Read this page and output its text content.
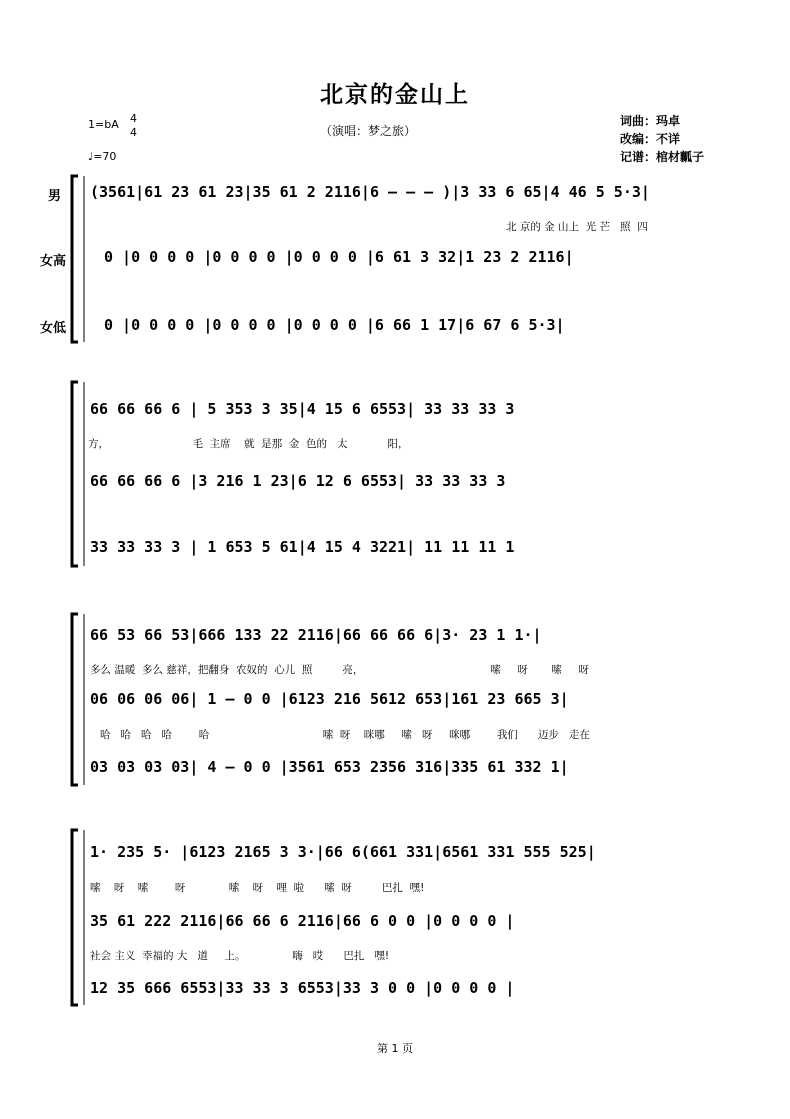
北京的金山上
（演唱：梦之旅）
词曲：玛卓
改编：不详
记谱：棺材瓤子
1=bA 4
4
♩=70
男
女高
女低
(3561|61 23 61 23|35 61 2 2116|6 – – – )|3 33 6 65|4 46 5 5·3|
北 京的 金 山上  光 芒   照  四
0 |0 0 0 0 |0 0 0 0 |0 0 0 0 |6 61 3 32|1 23 2 2116|
0 |0 0 0 0 |0 0 0 0 |0 0 0 0 |6 66 1 17|6 67 6 5·3|
66 66 66 6 | 5 353 3 35|4 15 6 6553| 33 33 33 3
方，                         毛  主席    就  是那  金  色的   太            阳，
66 66 66 6 |3 216 1 23|6 12 6 6553| 33 33 33 3
33 33 33 3 | 1 653 5 61|4 15 4 3221| 11 11 11 1
66 53 66 53|666 133 22 2116|66 66 66 6|3· 23 1 1·|
多么 温暖  多么 慈祥，把翻身  农奴的  心儿  照         亮，                                      嗦     呀       嗦     呀
06 06 06 06| 1 – 0 0 |6123 216 5612 653|161 23 665 3|
哈   哈   哈   哈        哈                                  嗦  呀    咪哪     嗦   呀     咪哪        我们      迈步   走在
03 03 03 03| 4 – 0 0 |3561 653 2356 316|335 61 332 1|
1· 235 5· |6123 2165 3 3·|66 6(661 331|6561 331 555 525|
嗦    呀    嗦        呀             嗦    呀    哩  啦      嗦  呀         巴扎  嘿!
35 61 222 2116|66 66 6 2116|66 6 0 0 |0 0 0 0 |
社会 主义  幸福的 大   道     上。              嗨   哎      巴扎   嘿!
12 35 666 6553|33 33 3 6553|33 3 0 0 |0 0 0 0 |
第 1 页
